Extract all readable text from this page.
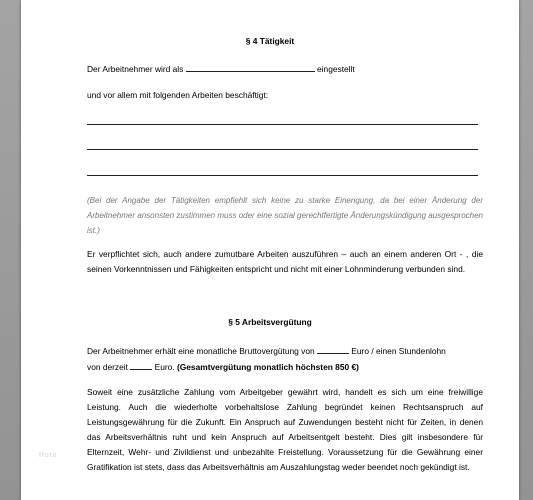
§ 4 Tätigkeit
Der Arbeitnehmer wird als	eingestellt
und vor allem mit folgenden Arbeiten beschäftigt:
(Bei der Angabe der Tätigkeiten empfiehlt sich keine zu starke Einengung, da bei einer Änderung der Arbeitnehmer ansonsten zustimmen muss oder eine sozial gerechtfertigte Änderungskündigung ausgesprochen ist.)
Er verpflichtet sich, auch andere zumutbare Arbeiten auszuführen – auch an einem anderen Ort - , die seinen Vorkenntnissen und Fähigkeiten entspricht und nicht mit einer Lohnminderung verbunden sind.
§ 5 Arbeitsvergütung
Der Arbeitnehmer erhält eine monatliche Bruttovergütung von	Euro / einen Stundenlohn
von derzeit	Euro. (Gesamtvergütung monatlich höchsten 850 €)
Soweit eine zusätzliche Zahlung vom Arbeitgeber gewährt wird, handelt es sich um eine freiwillige Leistung. Auch die wiederholte vorbehaltslose Zahlung begründet keinen Rechtsanspruch auf Leistungsgewährung für die Zukunft. Ein Anspruch auf Zuwendungen besteht nicht für Zeiten, in denen das Arbeitsverhältnis ruht und kein Anspruch auf Arbeitsentgelt besteht. Dies gilt insbesondere für Elternzeit, Wehr- und Zivildienst und unbezahlte Freistellung. Voraussetzung für die Gewährung einer Gratifikation ist stets, dass das Arbeitsverhältnis am Auszahlungstag weder beendet noch gekündigt ist.
ffoto
